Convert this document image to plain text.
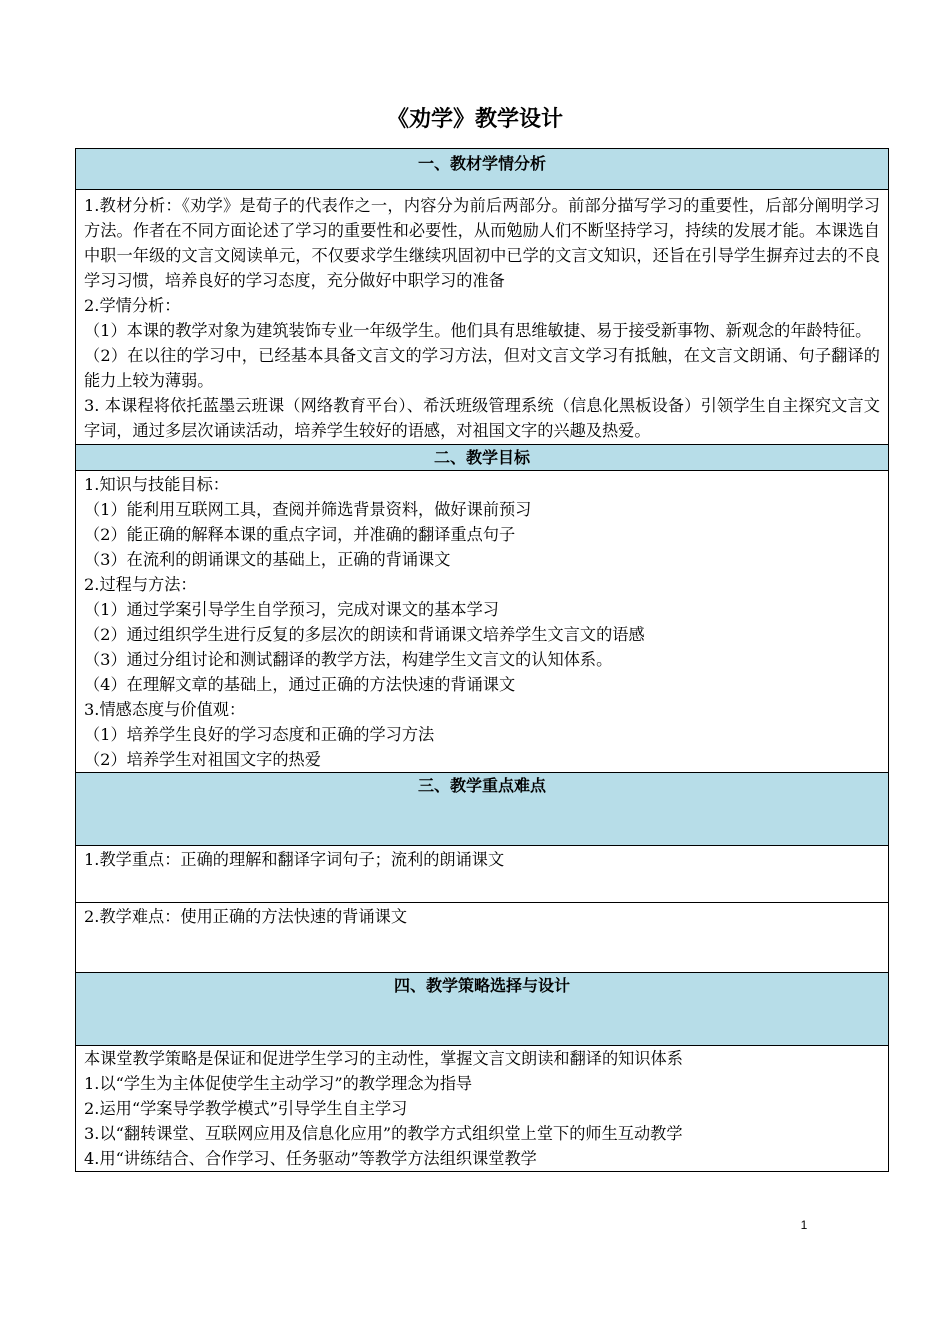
《劝学》教学设计
一、教材学情分析

1.教材分析：《劝学》是荀子的代表作之一，内容分为前后两部分。前部分描写学习的重要性，后部分阐明学习方法。作者在不同方面论述了学习的重要性和必要性，从而勉励人们不断坚持学习，持续的发展才能。本课选自中职一年级的文言文阅读单元，不仅要求学生继续巩固初中已学的文言文知识，还旨在引导学生摒弃过去的不良学习习惯，培养良好的学习态度，充分做好中职学习的准备
2.学情分析：
（1）本课的教学对象为建筑装饰专业一年级学生。他们具有思维敏捷、易于接受新事物、新观念的年龄特征。
（2）在以往的学习中，已经基本具备文言文的学习方法，但对文言文学习有抵触，在文言文朗诵、句子翻译的能力上较为薄弱。
3. 本课程将依托蓝墨云班课（网络教育平台）、希沃班级管理系统（信息化黑板设备）引领学生自主探究文言文字词，通过多层次诵读活动，培养学生较好的语感，对祖国文字的兴趣及热爱。

二、教学目标

1.知识与技能目标：
（1）能利用互联网工具，查阅并筛选背景资料，做好课前预习
（2）能正确的解释本课的重点字词，并准确的翻译重点句子
（3）在流利的朗诵课文的基础上，正确的背诵课文
2.过程与方法：
（1）通过学案引导学生自学预习，完成对课文的基本学习
（2）通过组织学生进行反复的多层次的朗读和背诵课文培养学生文言文的语感
（3）通过分组讨论和测试翻译的教学方法，构建学生文言文的认知体系。
（4）在理解文章的基础上，通过正确的方法快速的背诵课文
3.情感态度与价值观：
（1）培养学生良好的学习态度和正确的学习方法
（2）培养学生对祖国文字的热爱

三、教学重点难点

1.教学重点：正确的理解和翻译字词句子；流利的朗诵课文

2.教学难点：使用正确的方法快速的背诵课文

四、教学策略选择与设计

本课堂教学策略是保证和促进学生学习的主动性，掌握文言文朗读和翻译的知识体系
1.以“学生为主体促使学生主动学习”的教学理念为指导
2.运用“学案导学教学模式”引导学生自主学习
3.以“翻转课堂、互联网应用及信息化应用”的教学方式组织堂上堂下的师生互动教学
4.用“讲练结合、合作学习、任务驱动”等教学方法组织课堂教学
1
